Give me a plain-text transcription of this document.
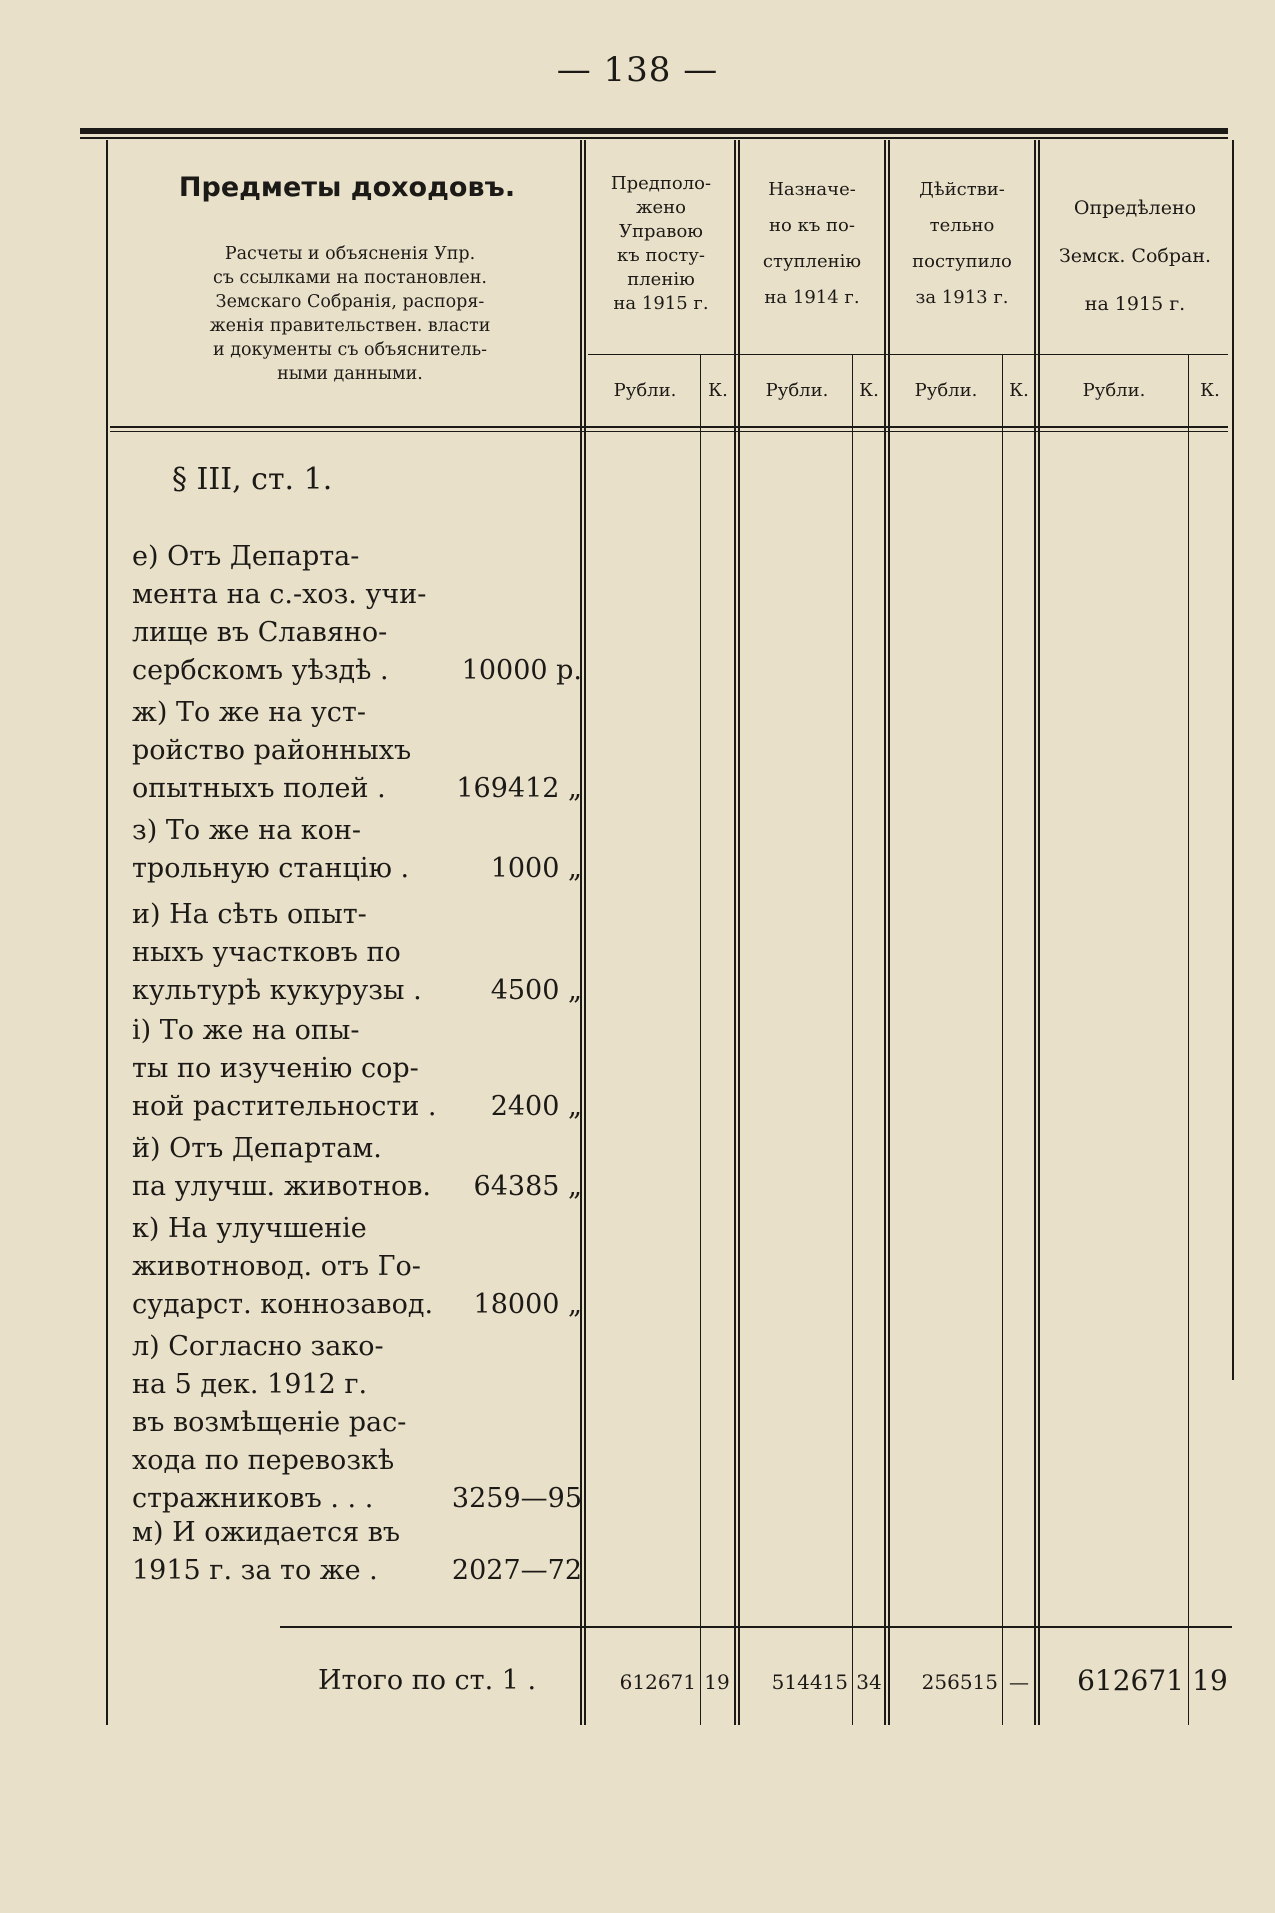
— 138 —
Предметы доходовъ.
Расчеты и объясненія Упр.
съ ссылками на постановлен.
Земскаго Собранія, распоря-
женія правительствен. власти
и документы съ объяснитель-
ными данными.
Предполо-
жено
Управою
къ посту-
пленію
на 1915 г.
Назначе-
но къ по-
ступленію
на 1914 г.
Дѣйстви-
тельно
поступило
за 1913 г.
Опредѣлено
Земск. Собран.
на 1915 г.
Рубли.	К.	Рубли.	К.	Рубли.	К.	Рубли.	К.
§ III, ст. 1.
е) Отъ Департа-
мента на с.-хоз. учи-
лище въ Славяно-
сербскомъ уѣздѣ .	10000 р.
ж) То же на уст-
ройство районныхъ
опытныхъ полей .	169412 „
з) То же на кон-
трольную станцію .	1000 „
и) На сѣть опыт-
ныхъ участковъ по
культурѣ кукурузы .	4500 „
і) То же на опы-
ты по изученію сор-
ной растительности . 2400 „
й) Отъ Департам.
па улучш. животнов. 64385 „
к) На улучшеніе
животновод. отъ Го-
сударст. коннозавод. 18000 „
л) Согласно зако-
на 5 дек. 1912 г.
въ возмѣщеніе рас-
хода по перевозкѣ
стражниковъ . . .	3259—95
м) И ожидается въ
1915 г. за то же .	2027—72
Итого по ст. 1 .	612671 19	514415 34	256515 —	612671 19
